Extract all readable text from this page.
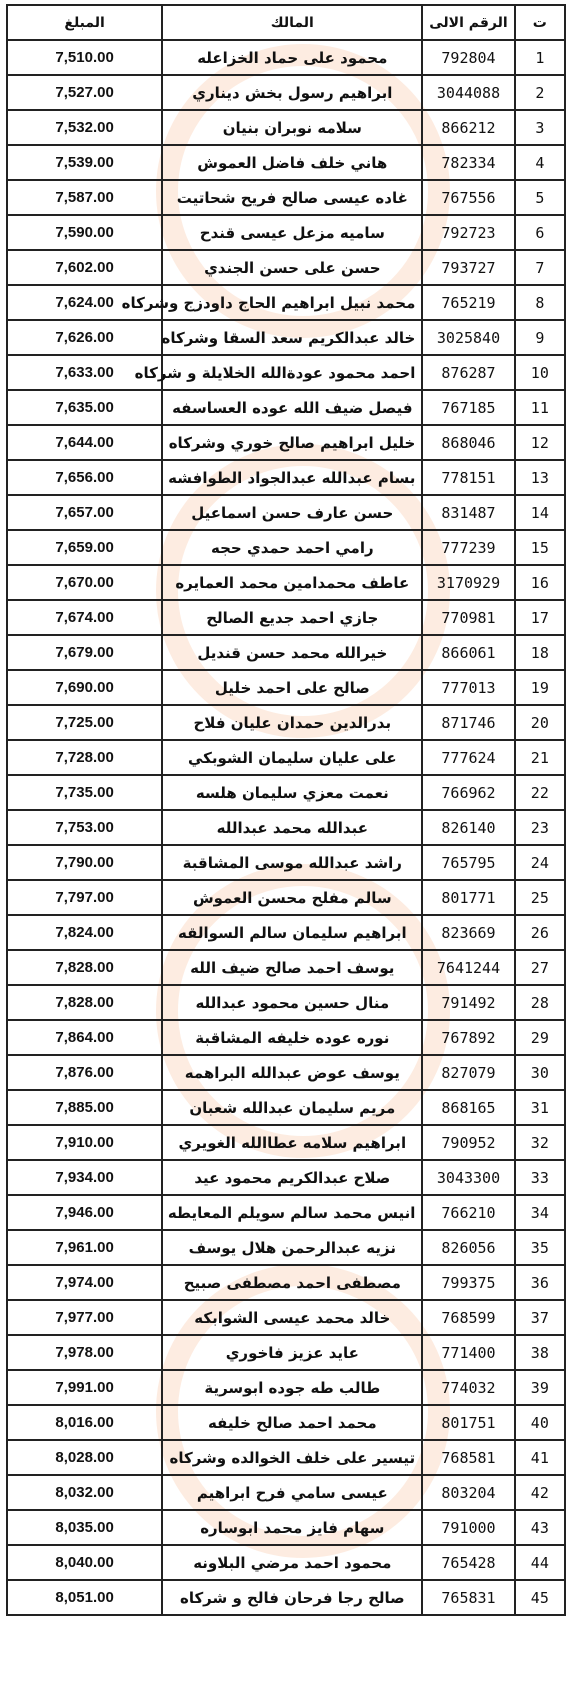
ت	الرقم الالى	المالك	المبلغ
1	792804	محمود على حماد الخزاعله	7,510.00
2	3044088	ابراهيم رسول بخش ديناري	7,527.00
3	866212	سلامه نوبران بنيان	7,532.00
4	782334	هاني خلف فاضل العموش	7,539.00
5	767556	غاده عيسى صالح فريح شحاتيت	7,587.00
6	792723	ساميه مزعل عيسى قندح	7,590.00
7	793727	حسن على حسن الجندي	7,602.00
8	765219	محمد نبيل ابراهيم الحاج داودزج وشركاه	7,624.00
9	3025840	خالد عبدالكريم سعد السقا وشركاه	7,626.00
10	876287	احمد محمود عودةالله الخلايلة و شركاه	7,633.00
11	767185	فيصل ضيف الله عوده العساسفه	7,635.00
12	868046	خليل ابراهيم صالح خوري وشركاه	7,644.00
13	778151	بسام عبدالله عبدالجواد الطوافشه	7,656.00
14	831487	حسن عارف حسن اسماعيل	7,657.00
15	777239	رامي احمد حمدي حجه	7,659.00
16	3170929	عاطف محمدامين محمد العمايره	7,670.00
17	770981	جازي احمد جديع الصالح	7,674.00
18	866061	خيرالله محمد حسن قنديل	7,679.00
19	777013	صالح على احمد خليل	7,690.00
20	871746	بدرالدين حمدان عليان فلاح	7,725.00
21	777624	على عليان سليمان الشوبكي	7,728.00
22	766962	نعمت معزي سليمان هلسه	7,735.00
23	826140	عبدالله محمد عبدالله	7,753.00
24	765795	راشد عبدالله موسى المشاقبة	7,790.00
25	801771	سالم مفلح محسن العموش	7,797.00
26	823669	ابراهيم سليمان سالم السوالقه	7,824.00
27	7641244	يوسف احمد صالح ضيف الله	7,828.00
28	791492	منال حسين محمود عبدالله	7,828.00
29	767892	نوره عوده خليفه المشاقبة	7,864.00
30	827079	يوسف عوض عبدالله البراهمه	7,876.00
31	868165	مريم سليمان عبدالله شعبان	7,885.00
32	790952	ابراهيم سلامه عطاالله الغويري	7,910.00
33	3043300	صلاح عبدالكريم محمود عيد	7,934.00
34	766210	انيس محمد سالم سويلم المعايطه	7,946.00
35	826056	نزيه عبدالرحمن هلال يوسف	7,961.00
36	799375	مصطفى احمد مصطفى صبيح	7,974.00
37	768599	خالد محمد عيسى الشوابكه	7,977.00
38	771400	عايد عزيز فاخوري	7,978.00
39	774032	طالب طه جوده ابوسرية	7,991.00
40	801751	محمد احمد صالح خليفه	8,016.00
41	768581	تيسير على خلف الخوالده وشركاه	8,028.00
42	803204	عيسى سامي فرح ابراهيم	8,032.00
43	791000	سهام فايز محمد ابوساره	8,035.00
44	765428	محمود احمد مرضي البلاونه	8,040.00
45	765831	صالح رجا فرحان فالح و شركاه	8,051.00
